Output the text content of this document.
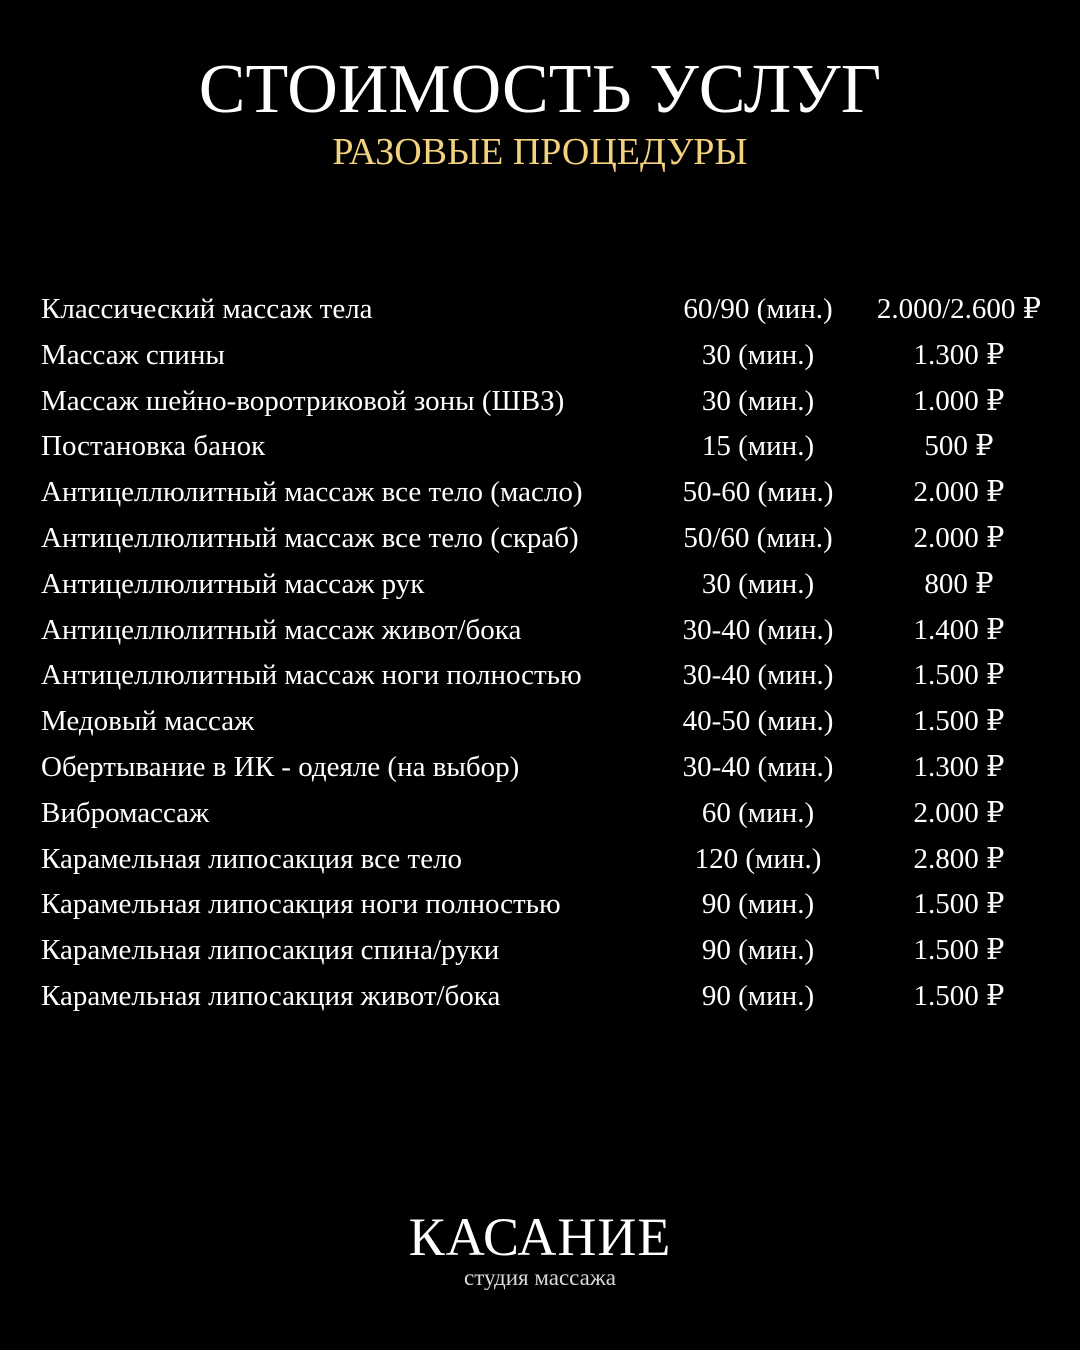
СТОИМОСТЬ УСЛУГ
РАЗОВЫЕ ПРОЦЕДУРЫ
Классический массаж тела	60/90 (мин.)	2.000/2.600 ₽
Массаж спины	30 (мин.)	1.300 ₽
Массаж шейно-воротриковой зоны (ШВЗ)	30 (мин.)	1.000 ₽
Постановка банок	15 (мин.)	500 ₽
Антицеллюлитный массаж все тело (масло)	50-60 (мин.)	2.000 ₽
Антицеллюлитный массаж все тело (скраб)	50/60 (мин.)	2.000 ₽
Антицеллюлитный массаж рук	30 (мин.)	800 ₽
Антицеллюлитный массаж живот/бока	30-40 (мин.)	1.400 ₽
Антицеллюлитный массаж ноги полностью	30-40 (мин.)	1.500 ₽
Медовый массаж	40-50 (мин.)	1.500 ₽
Обертывание в ИК - одеяле (на выбор)	30-40 (мин.)	1.300 ₽
Вибромассаж	60 (мин.)	2.000 ₽
Карамельная липосакция все тело	120 (мин.)	2.800 ₽
Карамельная липосакция ноги полностью	90 (мин.)	1.500 ₽
Карамельная липосакция спина/руки	90 (мин.)	1.500 ₽
Карамельная липосакция живот/бока	90 (мин.)	1.500 ₽
КАСАНИЕ
студия массажа
